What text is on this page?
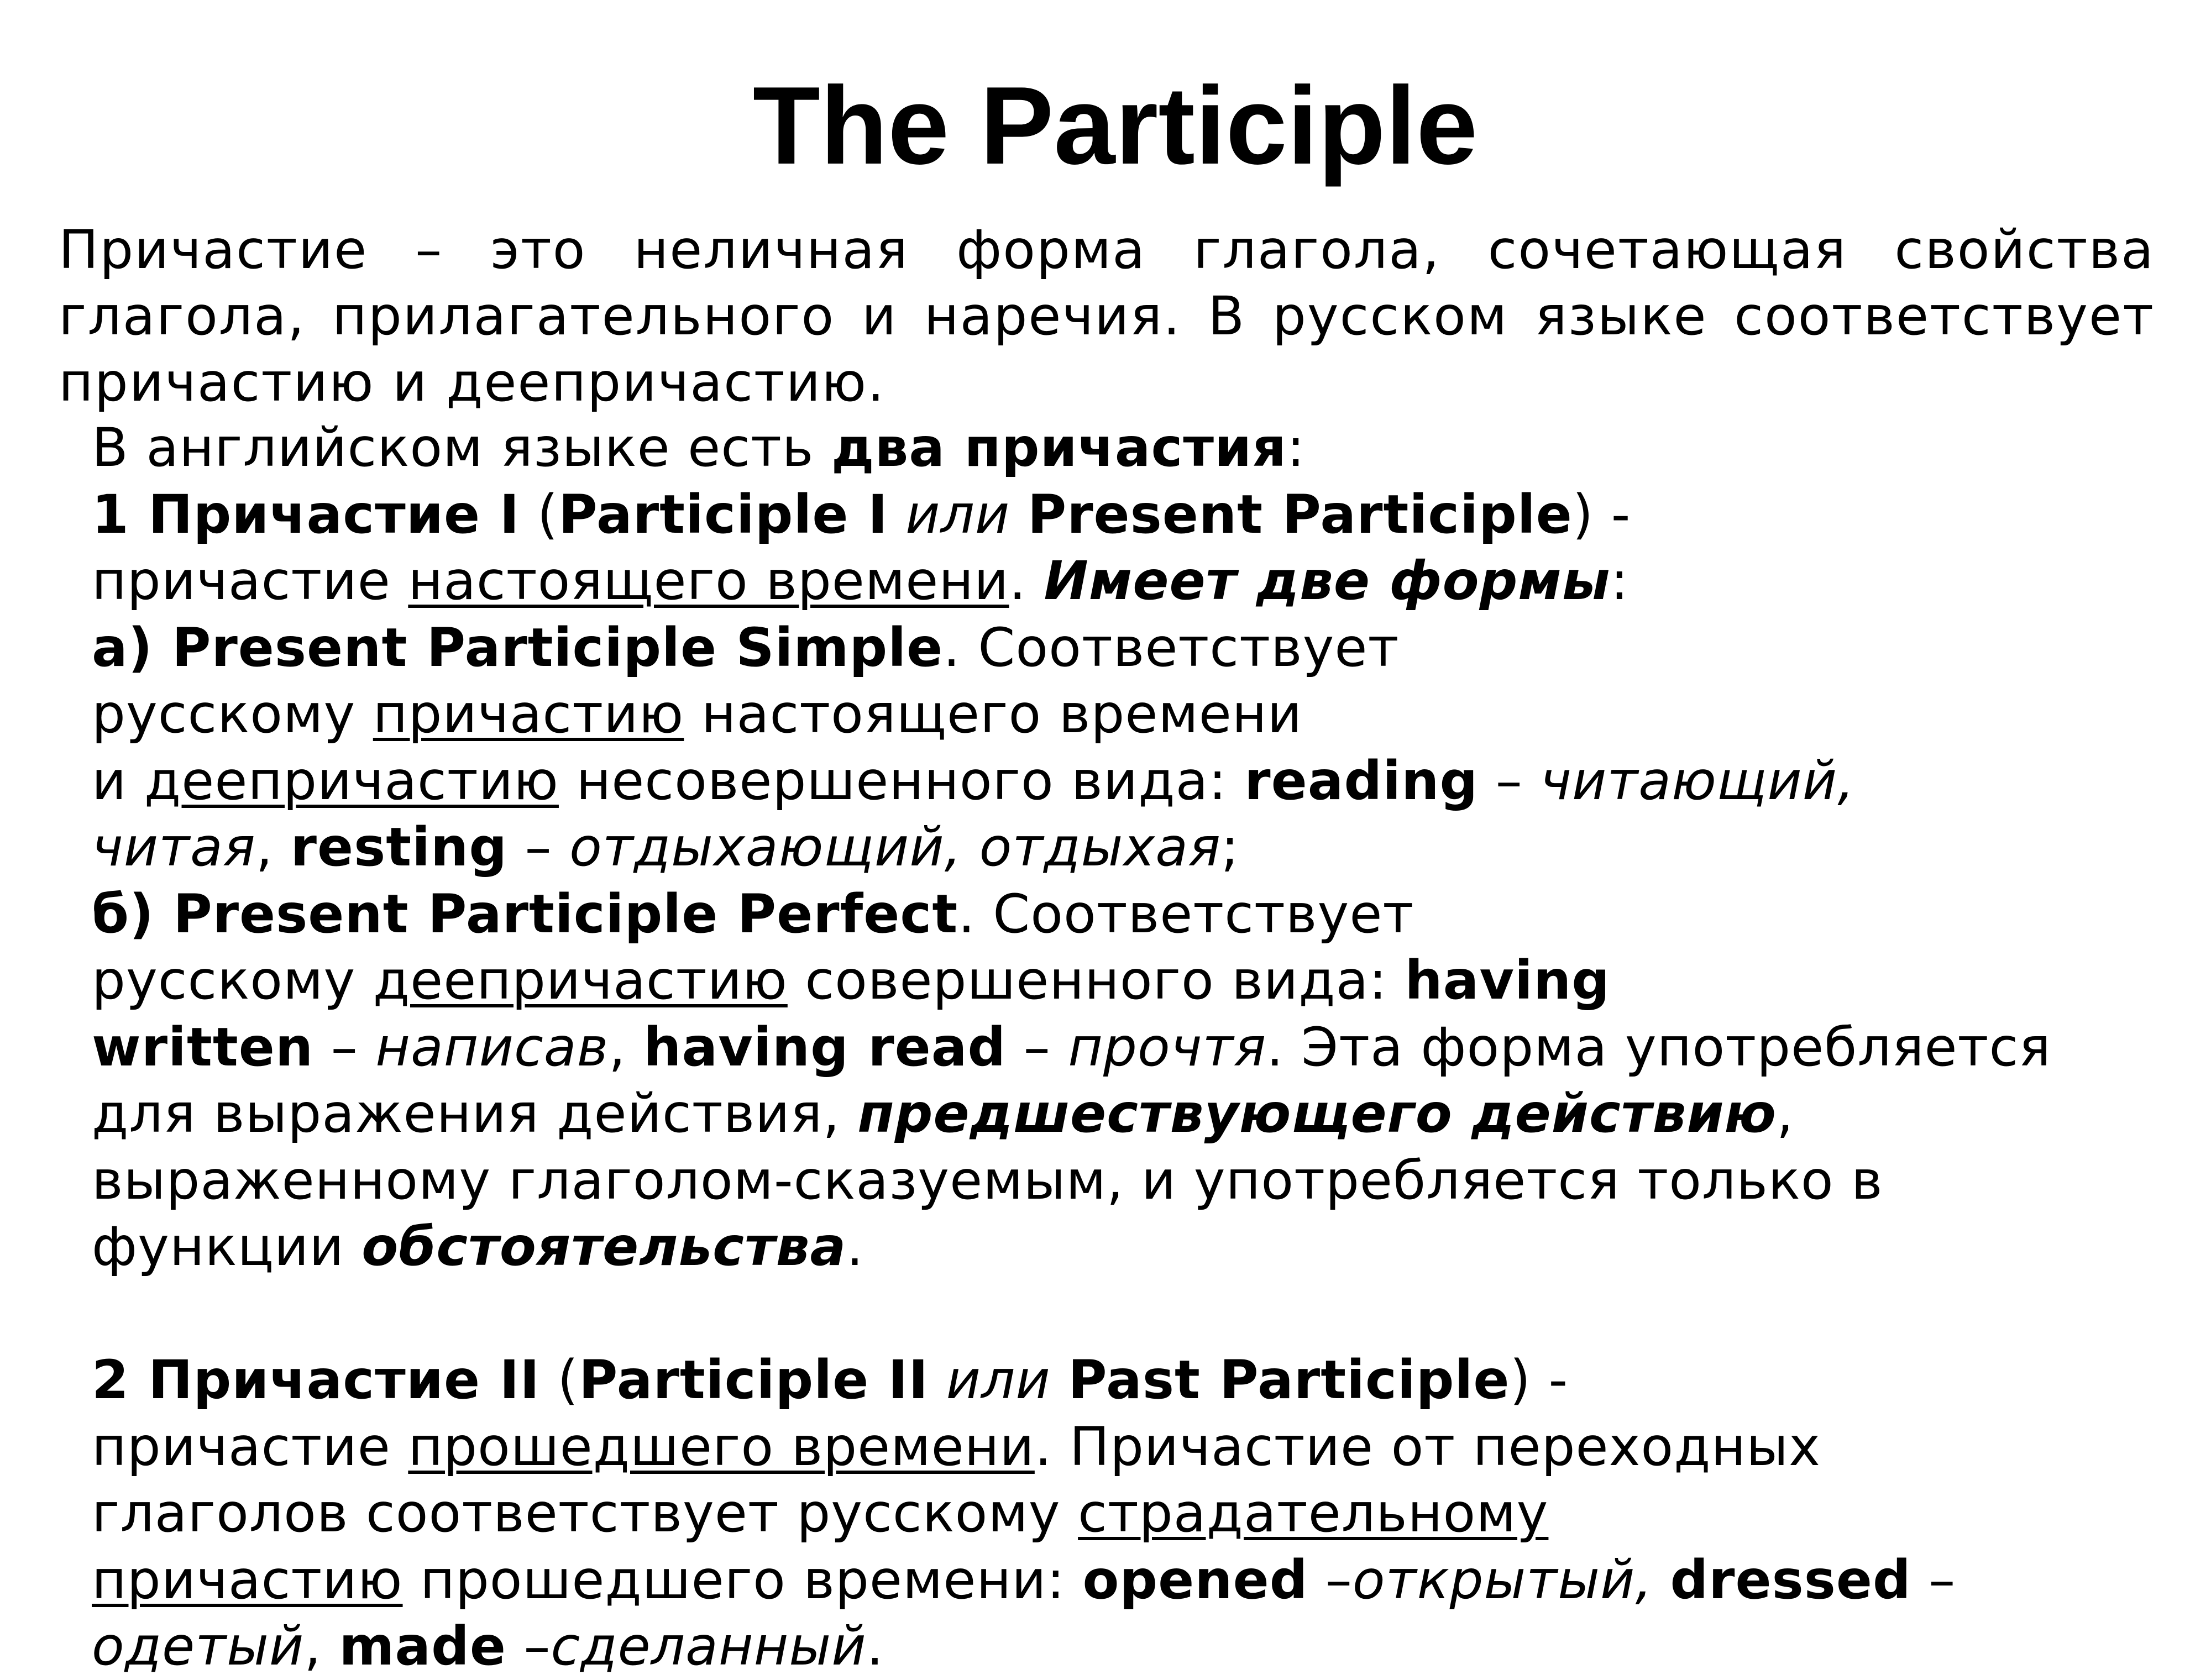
The Participle

Причастие – это неличная форма глагола, сочетающая свойства глагола, прилагательного и наречия. В русском языке соответствует причастию и деепричастию.

В английском языке есть два причастия:
1 Причастие I (Participle I или Present Participle) -
причастие настоящего времени. Имеет две формы:
а) Present Participle Simple. Соответствует
русскому причастию настоящего времени
и деепричастию несовершенного вида: reading – читающий,
читая, resting – отдыхающий, отдыхая;
б) Present Participle Perfect. Соответствует
русскому деепричастию совершенного вида: having
written – написав, having read – прочтя. Эта форма употребляется
для выражения действия, предшествующего действию,
выраженному глаголом-сказуемым, и употребляется только в
функции обстоятельства.
2 Причастие II (Participle II или Past Participle) -
причастие прошедшего времени. Причастие от переходных
глаголов соответствует русскому страдательному
причастию прошедшего времени: opened –открытый, dressed –
одетый, made –сделанный.
